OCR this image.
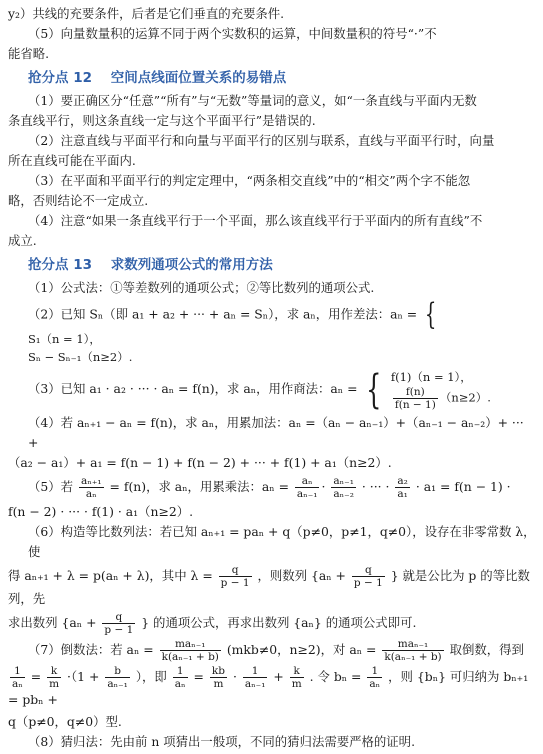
y₂）共线的充要条件，后者是它们垂直的充要条件.
（5）向量数量积的运算不同于两个实数积的运算，中间数量积的符号“·”不
能省略.
抢分点 12 空间点线面位置关系的易错点
（1）要正确区分“任意”“所有”与“无数”等量词的意义，如“一条直线与平面内无数
条直线平行，则这条直线一定与这个平面平行”是错误的.
（2）注意直线与平面平行和向量与平面平行的区别与联系，直线与平面平行时，向量
所在直线可能在平面内.
（3）在平面和平面平行的判定定理中，“两条相交直线”中的“相交”两个字不能忽
略，否则结论不一定成立.
（4）注意“如果一条直线平行于一个平面，那么该直线平行于平面内的所有直线”不
成立.
抢分点 13 求数列通项公式的常用方法
（1）公式法：①等差数列的通项公式；②等比数列的通项公式.
（2）已知 Sₙ（即 a₁ + a₂ + ··· + aₙ = Sₙ），求 aₙ，用作差法：aₙ = {
S₁（n = 1），
Sₙ − Sₙ₋₁（n≥2）.
（3）已知 a₁ · a₂ · ··· · aₙ = f(n)，求 aₙ，用作商法：aₙ = { f(1)（n = 1），
$\frac{f(n)}{f(n - 1)} (n\ge 2)$.
（4）若 aₙ₊₁ − aₙ = f(n)，求 aₙ，用累加法：aₙ =（aₙ − aₙ₋₁）+（aₙ₋₁ − aₙ₋₂）+ ··· +
（a₂ − a₁）+ a₁ = f(n − 1) + f(n − 2) + ··· + f(1) + a₁（n≥2）.
（5）若 $\frac{\text{aₙ₊₁}}{\text{aₙ}} = f(n)$，求 aₙ，用累乘法：$a_n = \frac{\text{aₙ}}{\text{aₙ₋₁}} \cdot \frac{\text{aₙ₋₁}}{\text{aₙ₋₂}}$ · ··· · $\frac{\text{a₂}}{\text{a₁}} \cdot a_1 = f(n - 1)$ ·
f(n − 2) · ··· · f(1) · a₁（n≥2）.
（6）构造等比数列法：若已知 aₙ₊₁ = paₙ + q（p≠0，p≠1，q≠0），设存在非零常数 λ，使
得 aₙ₊₁ + λ = p(aₙ + λ)，其中 $\lambda = \frac{q}{p - 1}$ ，则数列 {$a_n + \frac{q}{p - 1}$ } 就是公比为 p 的等比数列，先
求出数列 {$a_n + \frac{q}{p - 1}$ } 的通项公式，再求出数列 {aₙ} 的通项公式即可.
（7）倒数法：若 $a_n = \frac{\text{maₙ₋₁}}{\text{k(aₙ₋₁ + b)}} (mkb\ne 0$，n≥2)，对 $a_n = \frac{\text{maₙ₋₁}}{\text{k(aₙ₋₁ + b)}}$ 取倒数，得到
$\frac{1}{\text{aₙ}} = \frac{k}{m} \cdot(1 + \frac{b}{\text{aₙ₋₁}}$ ），即 $\frac{1}{\text{aₙ}} = \frac{kb}{m} \cdot \frac{1}{\text{aₙ₋₁}} + \frac{k}{m}$ . 令 $b_n = \frac{1}{\text{aₙ}}$ ，则 {bₙ} 可归纳为 bₙ₊₁ = pbₙ +
q（p≠0，q≠0）型.
（8）猜归法：先由前 n 项猜出一般项，不同的猜归法需要严格的证明.
